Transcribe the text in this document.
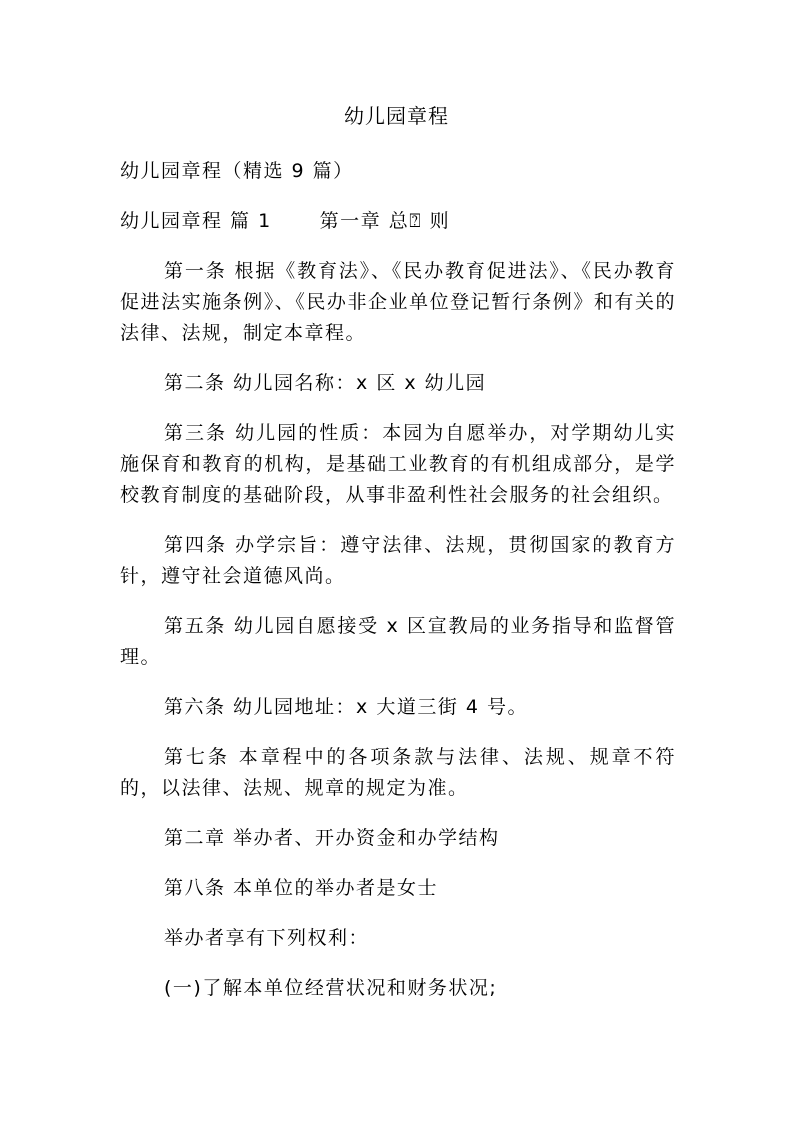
幼儿园章程
幼儿园章程（精选 9 篇）
幼儿园章程 篇 1	第一章 总⍰ 则

第一条 根据《教育法》、《民办教育促进法》、《民办教育促进法实施条例》、《民办非企业单位登记暂行条例》和有关的法律、法规，制定本章程。

第二条 幼儿园名称：x 区 x 幼儿园

第三条 幼儿园的性质：本园为自愿举办，对学期幼儿实施保育和教育的机构，是基础工业教育的有机组成部分，是学校教育制度的基础阶段，从事非盈利性社会服务的社会组织。

第四条 办学宗旨：遵守法律、法规，贯彻国家的教育方针，遵守社会道德风尚。

第五条 幼儿园自愿接受 x 区宣教局的业务指导和监督管理。

第六条 幼儿园地址：x 大道三街 4 号。

第七条 本章程中的各项条款与法律、法规、规章不符的，以法律、法规、规章的规定为准。

第二章 举办者、开办资金和办学结构

第八条 本单位的举办者是女士

举办者享有下列权利：

(一)了解本单位经营状况和财务状况;
